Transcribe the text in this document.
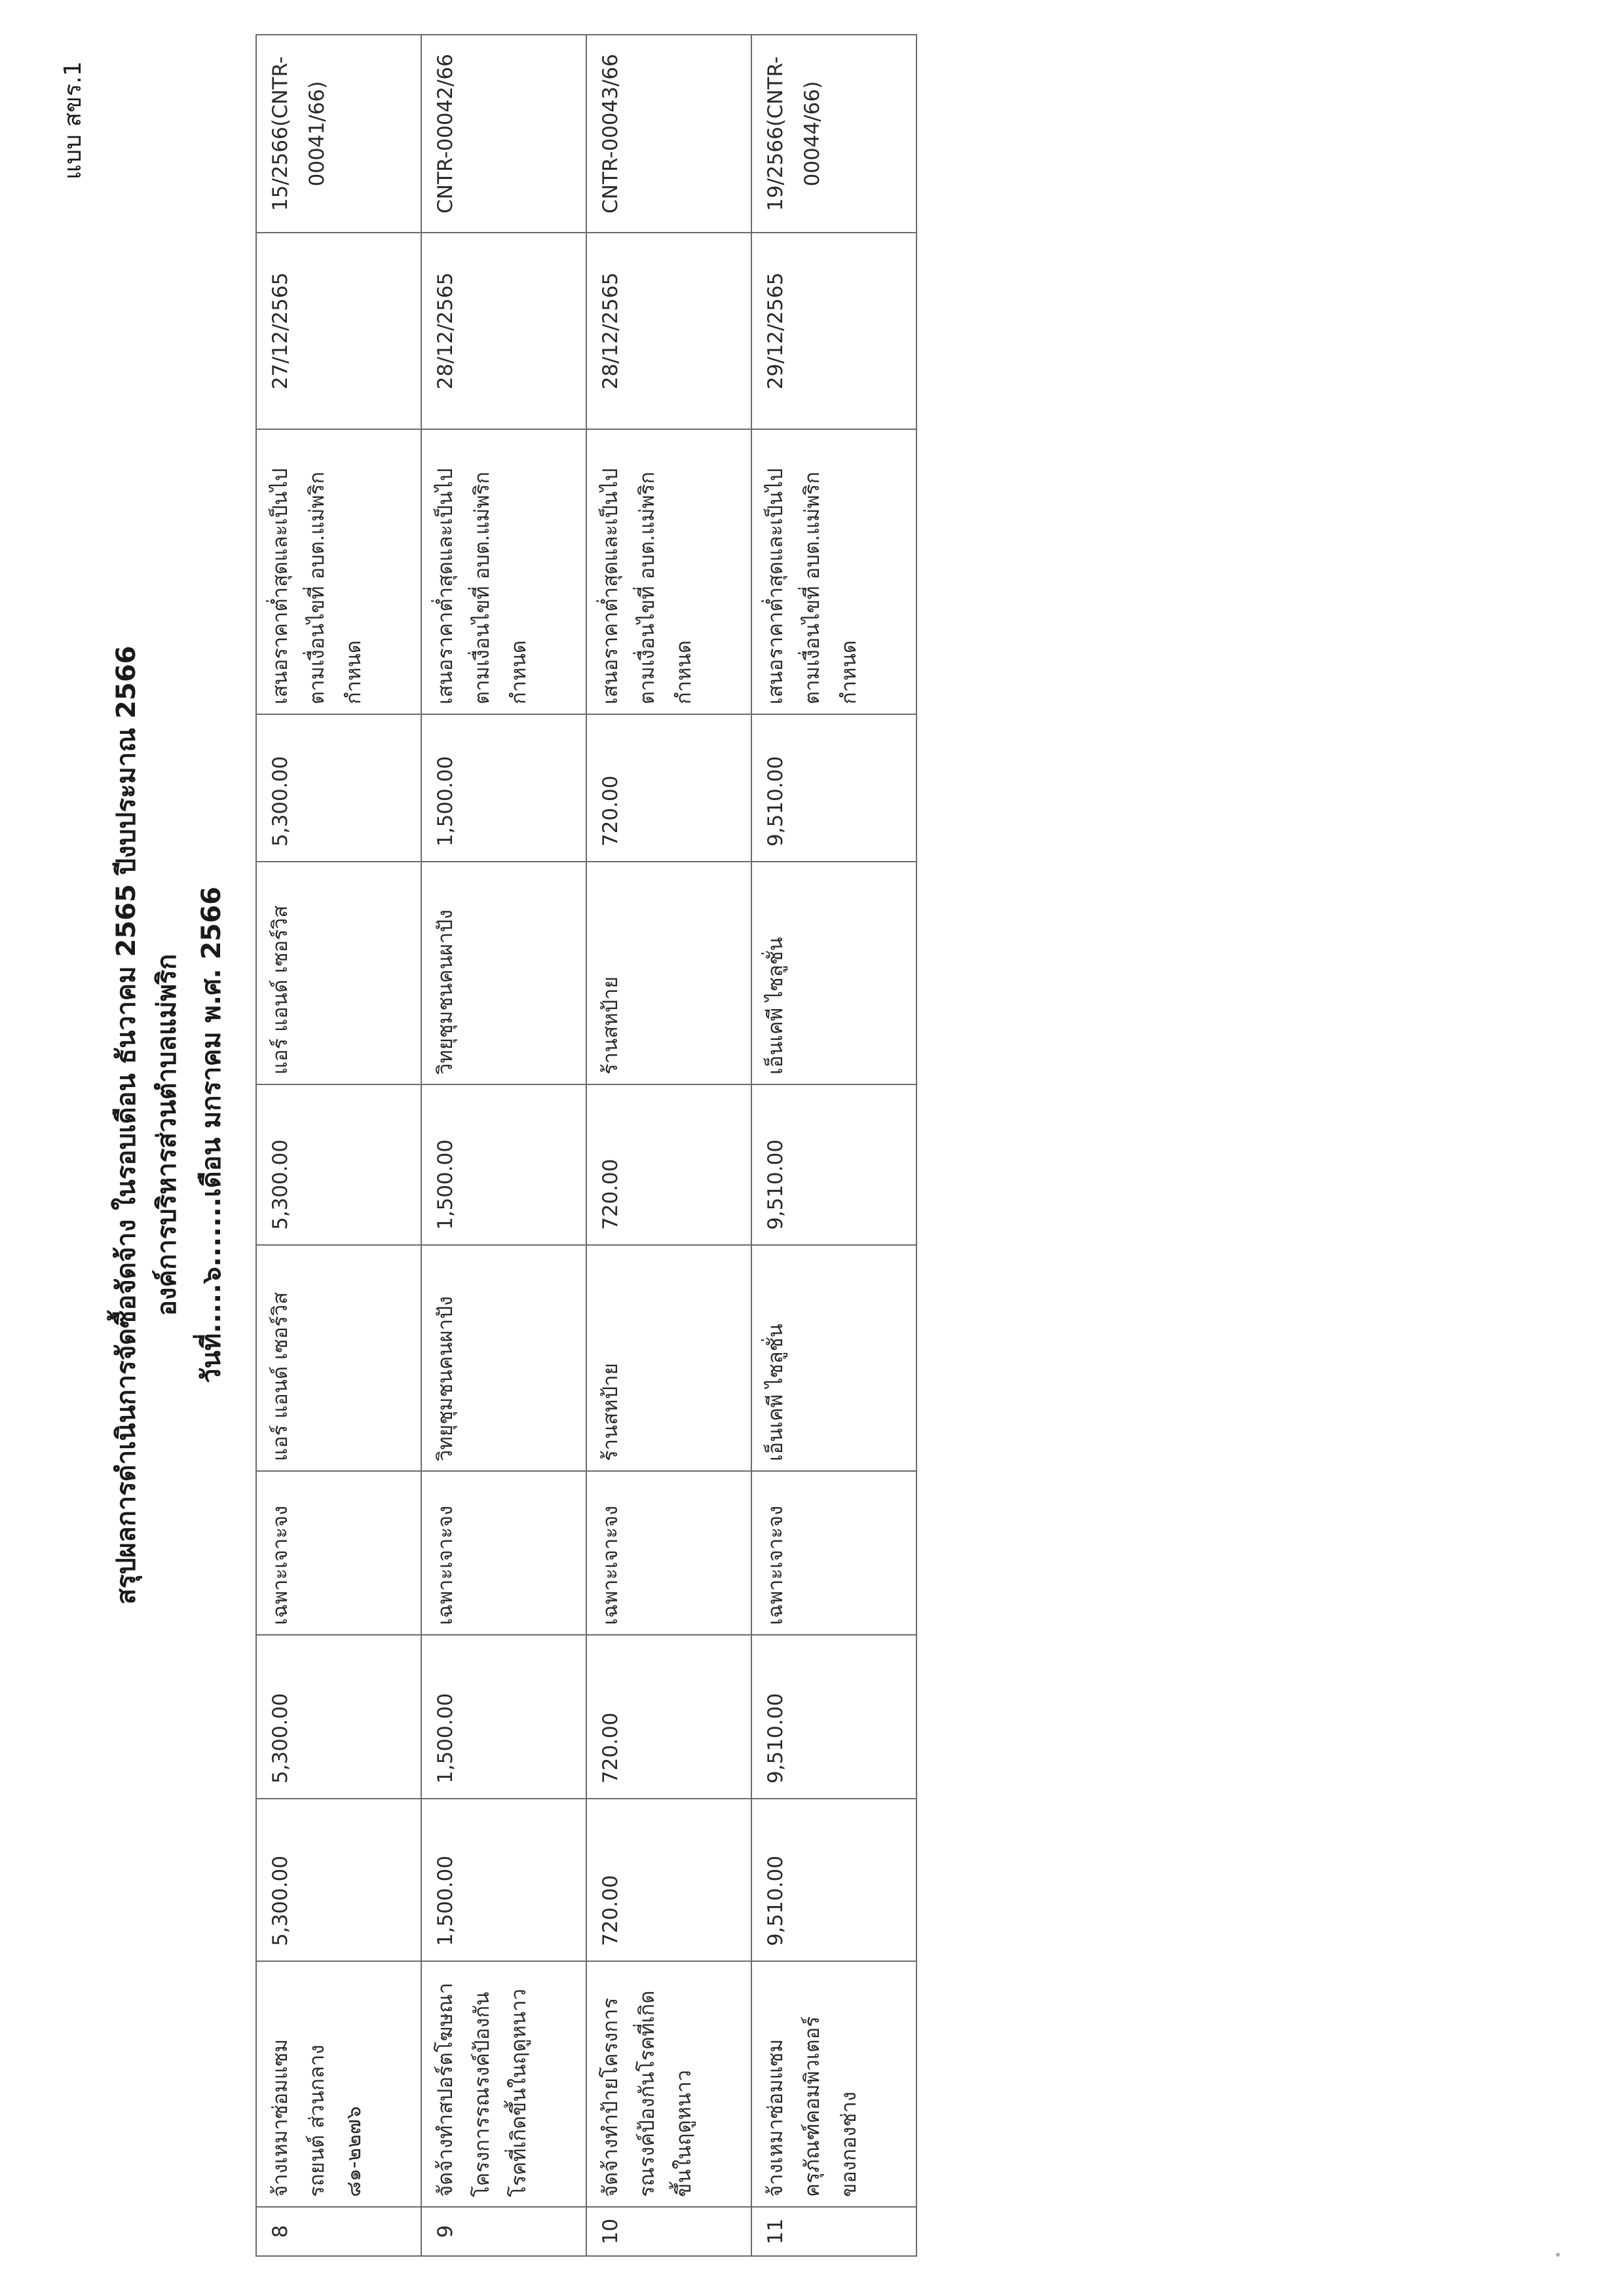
แบบ สขร.1
สรุปผลการดำเนินการจัดซื้อจัดจ้าง ในรอบเดือน ธันวาคม 2565 ปีงบประมาณ 2566 องค์การบริหารส่วนตำบลแม่พริก วันที่.....๖.......เดือน มกราคม พ.ศ. 2566
8	จ้างเหมาซ่อมแซม รถยนต์ ส่วนกลาง ๘๑-๒๒๗๖	5,300.00	5,300.00	เฉพาะเจาะจง	แอร์ แอนด์ เซอร์วิส	5,300.00	แอร์ แอนด์ เซอร์วิส	5,300.00	เสนอราคาต่ำสุดและเป็นไปตามเงื่อนไขที่ อบต.แม่พริกกำหนด	27/12/2565	15/2566(CNTR-00041/66)
9	จัดจ้างทำสปอร์ตโฆษณาโครงการรณรงค์ป้องกันโรคที่เกิดขึ้นในฤดูหนาว	1,500.00	1,500.00	เฉพาะเจาะจง	วิทยุชุมชนคนผาปัง	1,500.00	วิทยุชุมชนคนผาปัง	1,500.00	เสนอราคาต่ำสุดและเป็นไปตามเงื่อนไขที่ อบต.แม่พริกกำหนด	28/12/2565	CNTR-00042/66
10	จัดจ้างทำป้ายโครงการรณรงค์ป้องกันโรคที่เกิดขึ้นในฤดูหนาว	720.00	720.00	เฉพาะเจาะจง	ร้านสหป้าย	720.00	ร้านสหป้าย	720.00	เสนอราคาต่ำสุดและเป็นไปตามเงื่อนไขที่ อบต.แม่พริกกำหนด	28/12/2565	CNTR-00043/66
11	จ้างเหมาซ่อมแซมครุภัณฑ์คอมพิวเตอร์ ของกองช่าง	9,510.00	9,510.00	เฉพาะเจาะจง	เอ็นเคพี ไซลูชั่น	9,510.00	เอ็นเคพี ไซลูชั่น	9,510.00	เสนอราคาต่ำสุดและเป็นไปตามเงื่อนไขที่ อบต.แม่พริกกำหนด	29/12/2565	19/2566(CNTR-00044/66)
